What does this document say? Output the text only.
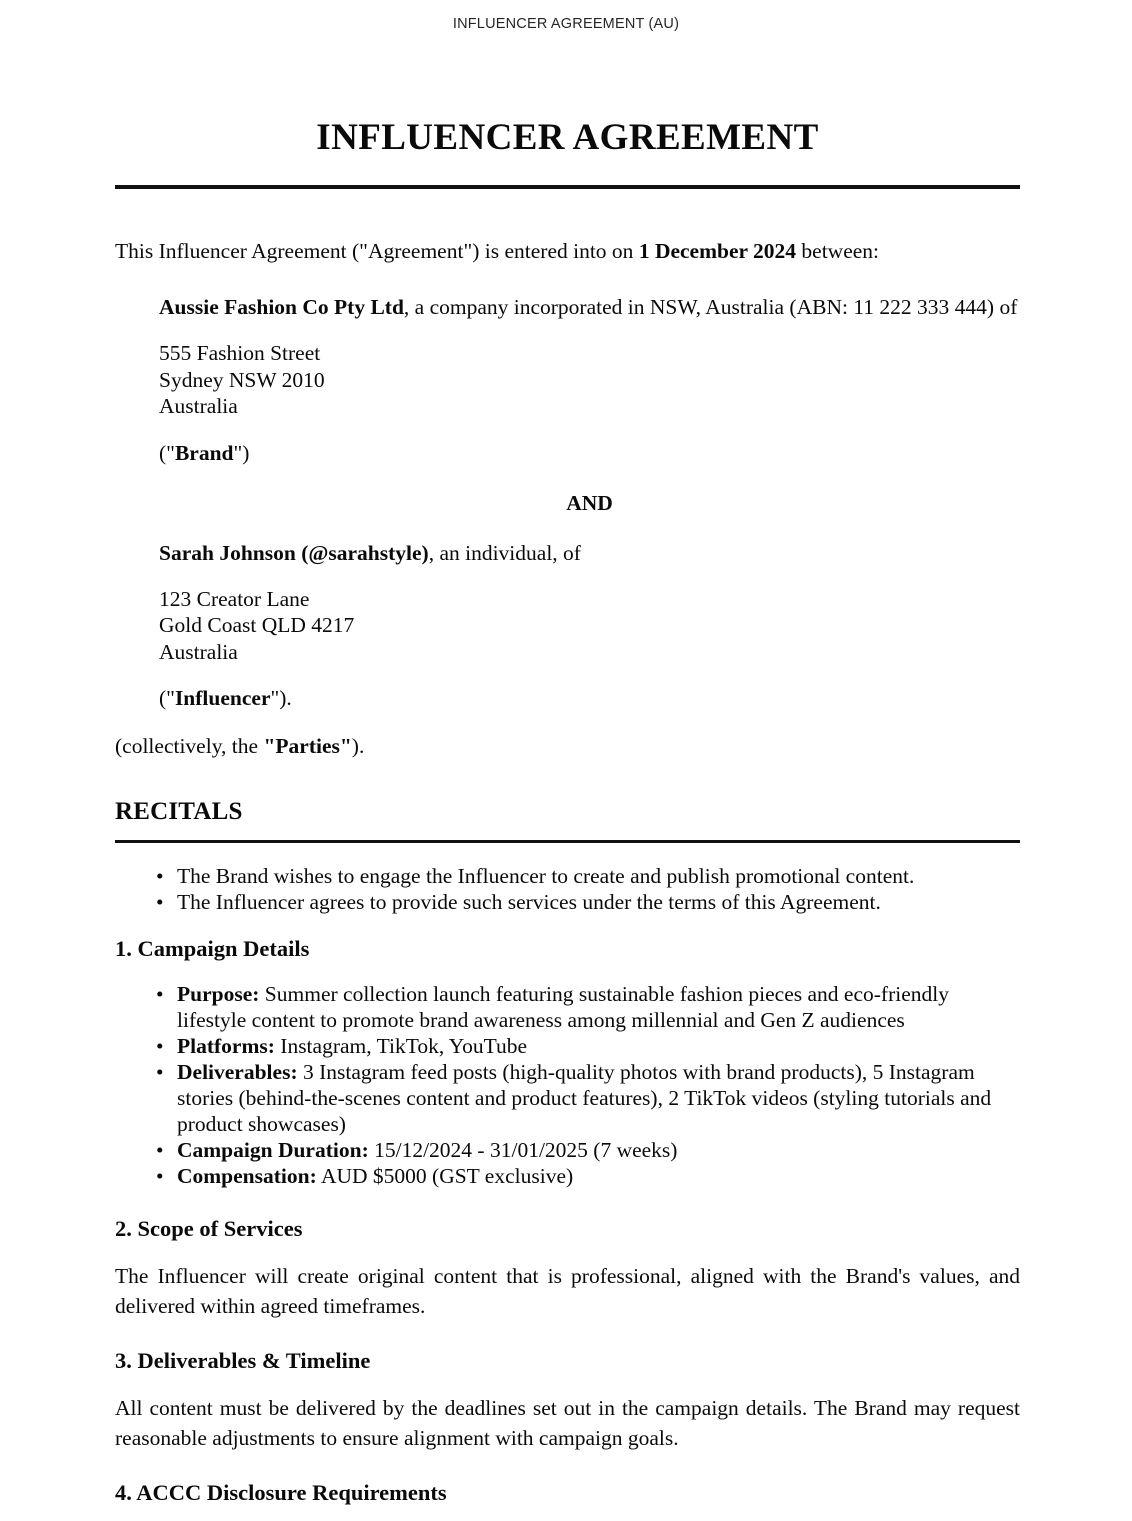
INFLUENCER AGREEMENT (AU)
INFLUENCER AGREEMENT

This Influencer Agreement ("Agreement") is entered into on 1 December 2024 between:

Aussie Fashion Co Pty Ltd, a company incorporated in NSW, Australia (ABN: 11 222 333 444) of

555 Fashion Street

Sydney NSW 2010

Australia

("Brand")

AND

Sarah Johnson (@sarahstyle), an individual, of

123 Creator Lane

Gold Coast QLD 4217

Australia

("Influencer").

(collectively, the "Parties").

RECITALS
• The Brand wishes to engage the Influencer to create and publish promotional content.
• The Influencer agrees to provide such services under the terms of this Agreement.
1. Campaign Details
• Purpose: Summer collection launch featuring sustainable fashion pieces and eco-friendly lifestyle content to promote brand awareness among millennial and Gen Z audiences
• Platforms: Instagram, TikTok, YouTube
• Deliverables: 3 Instagram feed posts (high-quality photos with brand products), 5 Instagram stories (behind-the-scenes content and product features), 2 TikTok videos (styling tutorials and product showcases)
• Campaign Duration: 15/12/2024 - 31/01/2025 (7 weeks)
• Compensation: AUD $5000 (GST exclusive)
2. Scope of Services

The Influencer will create original content that is professional, aligned with the Brand's values, and delivered within agreed timeframes.

3. Deliverables & Timeline

All content must be delivered by the deadlines set out in the campaign details. The Brand may request reasonable adjustments to ensure alignment with campaign goals.

4. ACCC Disclosure Requirements
